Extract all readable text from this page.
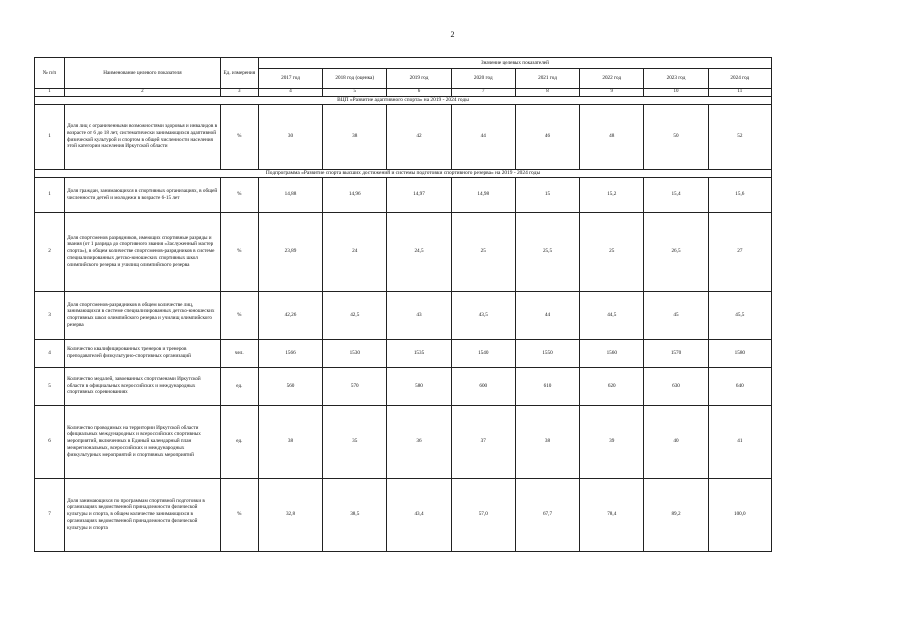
2
№ п/п	Наименование целевого показателя	Ед. измерения	Значение целевых показателей							
			2017 год	2018 год (оценка)	2019 год	2020 год	2021 год	2022 год	2023 год	2024 год
1	2	3	4	5	6	7	8	9	10	11
ВЦП «Развитие адаптивного спорта» на 2019 - 2024 годы										
1	Доля лиц с ограниченными возможностями здоровья и инвалидов в возрасте от 6 до 18 лет, систематически занимающихся адаптивной физической культурой и спортом в общей численности населения этой категории населения Иркутской области	%	30	38	42	44	46	48	50	52
Подпрограмма «Развитие спорта высших достижений и системы подготовки спортивного резерва» на 2019 - 2024 годы										
1	Доля граждан, занимающихся в спортивных организациях, в общей численности детей и молодежи в возрасте 6-15 лет	%	14,88	14,96	14,97	14,98	15	15,2	15,4	15,6
2	Доля спортсменов разрядников, имеющих спортивные разряды и звания (от 1 разряда до спортивного звания «Заслуженный мастер спорта»), в общем количестве спортсменов-разрядников в системе специализированных детско-юношеских спортивных школ олимпийского резерва и училищ олимпийского резерва	%	23,89	24	24,5	25	25,5	25	26,5	27
3	Доля спортсменов-разрядников в общем количестве лиц, занимающихся в системе специализированных детско-юношеских спортивных школ олимпийского резерва и училищ олимпийского резерва	%	42,26	42,5	43	43,5	44	44,5	45	45,5
4	Количество квалифицированных тренеров и тренеров преподавателей физкультурно-спортивных организаций	чел.	1566	1530	1535	1540	1550	1560	1570	1580
5	Количество медалей, завоеванных спортсменами Иркутской области в официальных всероссийских и международных спортивных соревнованиях	ед.	560	570	580	600	610	620	630	640
6	Количество проводимых на территории Иркутской области официальных международных и всероссийских спортивных мероприятий, включенных в Единый календарный план межрегиональных, всероссийских и международных физкультурных мероприятий и спортивных мероприятий	ед.	38	35	36	37	38	39	40	41
7	Доля занимающихся по программам спортивной подготовки в организациях ведомственной принадлежности физической культуры и спорта, в общем количестве занимающихся в организациях ведомственной принадлежности физической культуры и спорта	%	32,8	38,5	43,4	57,0	67,7	78,4	89,2	100,0
